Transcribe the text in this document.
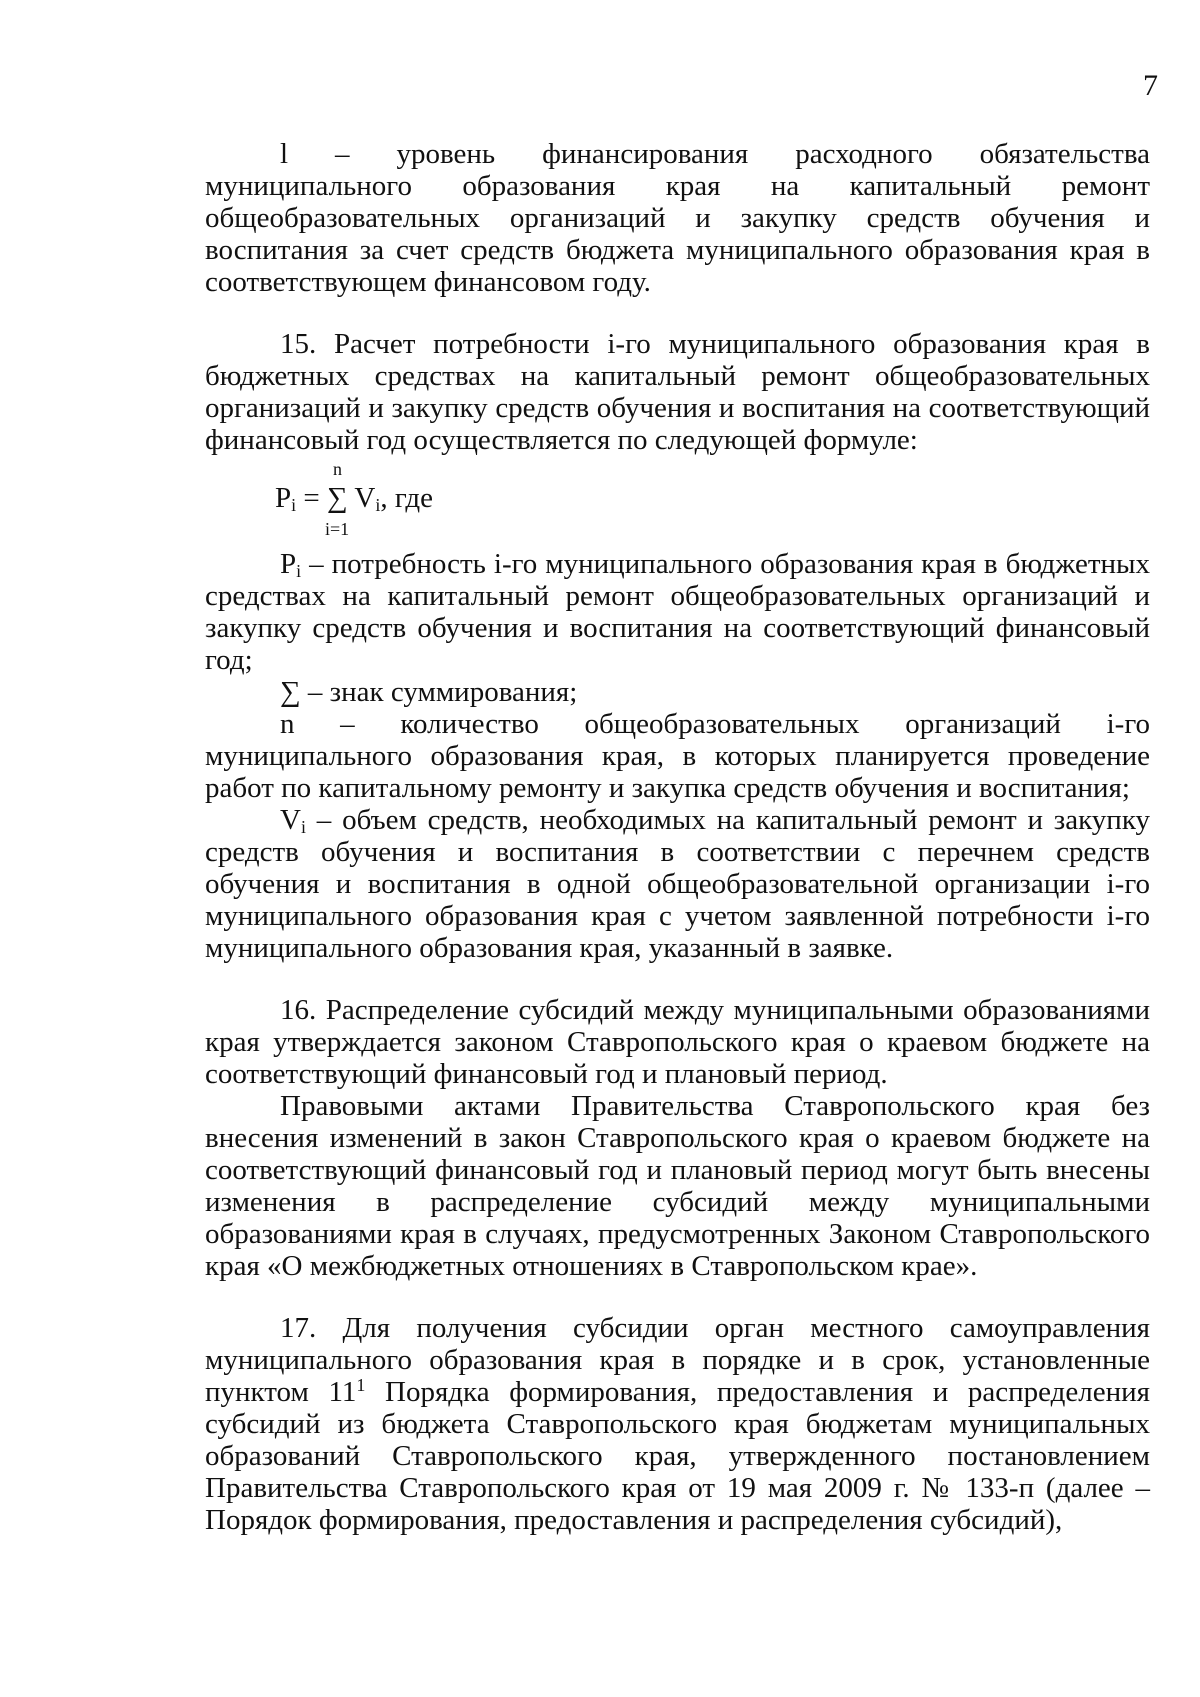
7

l – уровень финансирования расходного обязательства муниципального образования края на капитальный ремонт общеобразовательных организаций и закупку средств обучения и воспитания за счет средств бюджета муниципального образования края в соответствующем финансовом году.

15. Расчет потребности i-го муниципального образования края в бюджетных средствах на капитальный ремонт общеобразовательных организаций и закупку средств обучения и воспитания на соответствующий финансовый год осуществляется по следующей формуле:

n
$P_i$ = ∑ $V_i$, где
i=1

$P_i$ – потребность i-го муниципального образования края в бюджетных средствах на капитальный ремонт общеобразовательных организаций и закупку средств обучения и воспитания на соответствующий финансовый год;

∑ – знак суммирования;

n – количество общеобразовательных организаций i-го муниципального образования края, в которых планируется проведение работ по капитальному ремонту и закупка средств обучения и воспитания;

$V_i$ – объем средств, необходимых на капитальный ремонт и закупку средств обучения и воспитания в соответствии с перечнем средств обучения и воспитания в одной общеобразовательной организации i-го муниципального образования края с учетом заявленной потребности i-го муниципального образования края, указанный в заявке.

16. Распределение субсидий между муниципальными образованиями края утверждается законом Ставропольского края о краевом бюджете на соответствующий финансовый год и плановый период.

Правовыми актами Правительства Ставропольского края без внесения изменений в закон Ставропольского края о краевом бюджете на соответствующий финансовый год и плановый период могут быть внесены изменения в распределение субсидий между муниципальными образованиями края в случаях, предусмотренных Законом Ставропольского края «О межбюджетных отношениях в Ставропольском крае».

17. Для получения субсидии орган местного самоуправления муниципального образования края в порядке и в срок, установленные пунктом $11^1$ Порядка формирования, предоставления и распределения субсидий из бюджета Ставропольского края бюджетам муниципальных образований Ставропольского края, утвержденного постановлением Правительства Ставропольского края от 19 мая 2009 г. № 133-п (далее – Порядок формирования, предоставления и распределения субсидий),
